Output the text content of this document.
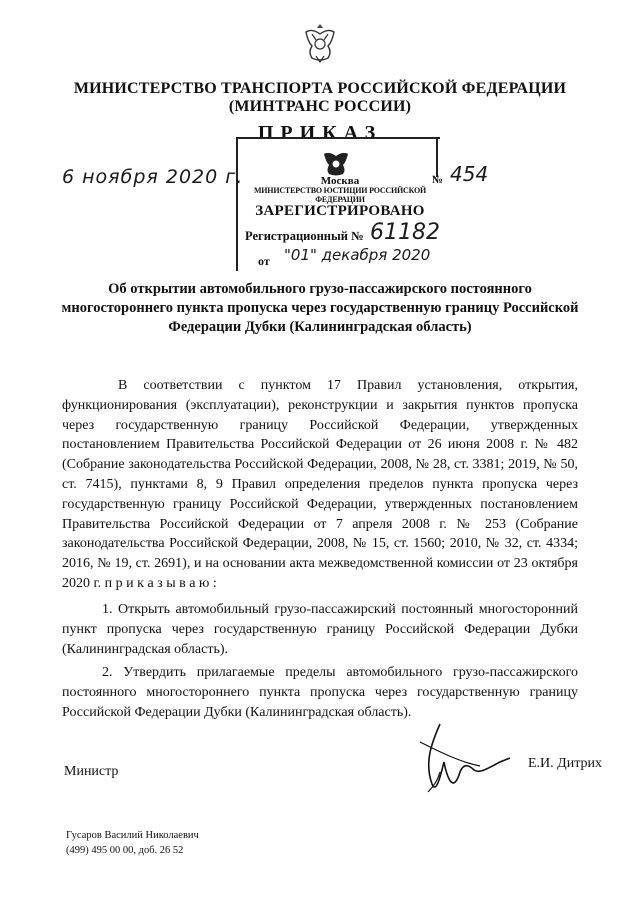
МИНИСТЕРСТВО ТРАНСПОРТА РОССИЙСКОЙ ФЕДЕРАЦИИ
(МИНТРАНС РОССИИ)
ПРИКАЗ
6 ноября 2020 г.	454
Москва
МИНИСТЕРСТВО ЮСТИЦИИ РОССИЙСКОЙ ФЕДЕРАЦИИ
№
ЗАРЕГИСТРИРОВАНО
Регистрационный № 61182
от "01" декабря 2020
Об открытии автомобильного грузо-пассажирского постоянного многостороннего пункта пропуска через государственную границу Российской Федерации Дубки (Калининградская область)

В соответствии с пунктом 17 Правил установления, открытия, функционирования (эксплуатации), реконструкции и закрытия пунктов пропуска через государственную границу Российской Федерации, утвержденных постановлением Правительства Российской Федерации от 26 июня 2008 г. № 482 (Собрание законодательства Российской Федерации, 2008, № 28, ст. 3381; 2019, № 50, ст. 7415), пунктами 8, 9 Правил определения пределов пункта пропуска через государственную границу Российской Федерации, утвержденных постановлением Правительства Российской Федерации от 7 апреля 2008 г. № 253 (Собрание законодательства Российской Федерации, 2008, № 15, ст. 1560; 2010, № 32, ст. 4334; 2016, № 19, ст. 2691), и на основании акта межведомственной комиссии от 23 октября 2020 г. п р и к а з ы в а ю :

1. Открыть автомобильный грузо-пассажирский постоянный многосторонний пункт пропуска через государственную границу Российской Федерации Дубки (Калининградская область).

2. Утвердить прилагаемые пределы автомобильного грузо-пассажирского постоянного многостороннего пункта пропуска через государственную границу Российской Федерации Дубки (Калининградская область).

Министр
Е.И. Дитрих
Гусаров Василий Николаевич
(499) 495 00 00, доб. 26 52
